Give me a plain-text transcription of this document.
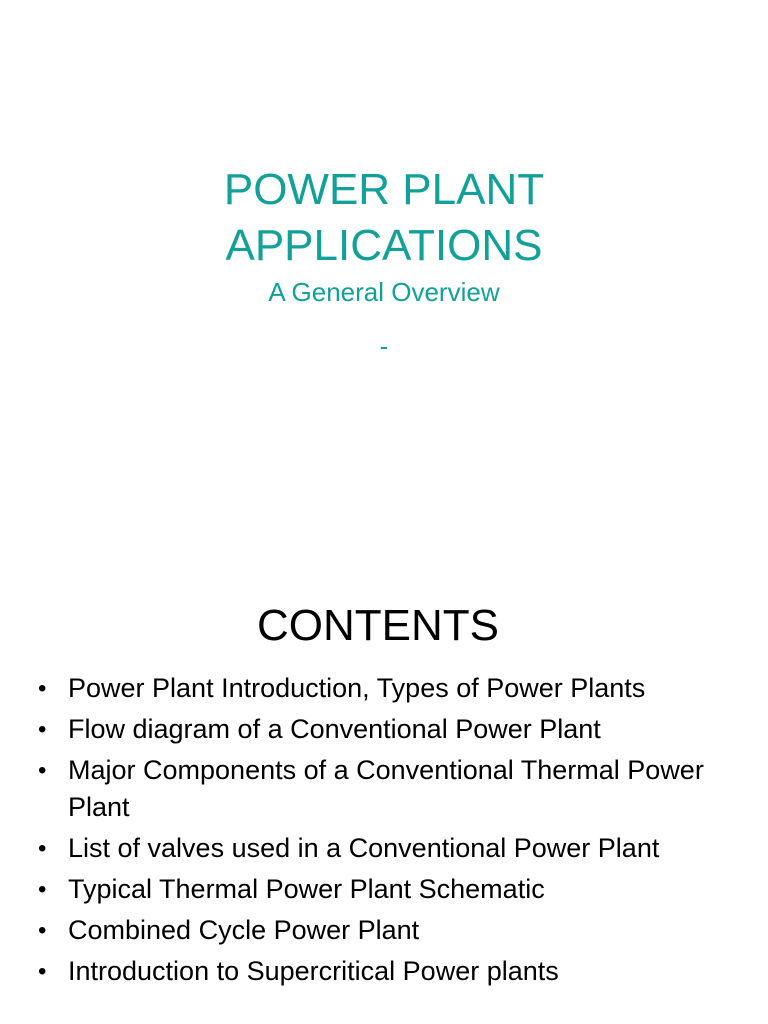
POWER PLANT
APPLICATIONS
A General Overview
-
CONTENTS
• Power Plant Introduction, Types of Power Plants
• Flow diagram of a Conventional Power Plant
• Major Components of a Conventional Thermal Power Plant
• List of valves used in a Conventional Power Plant
• Typical Thermal Power Plant Schematic
• Combined Cycle Power Plant
• Introduction to Supercritical Power plants
